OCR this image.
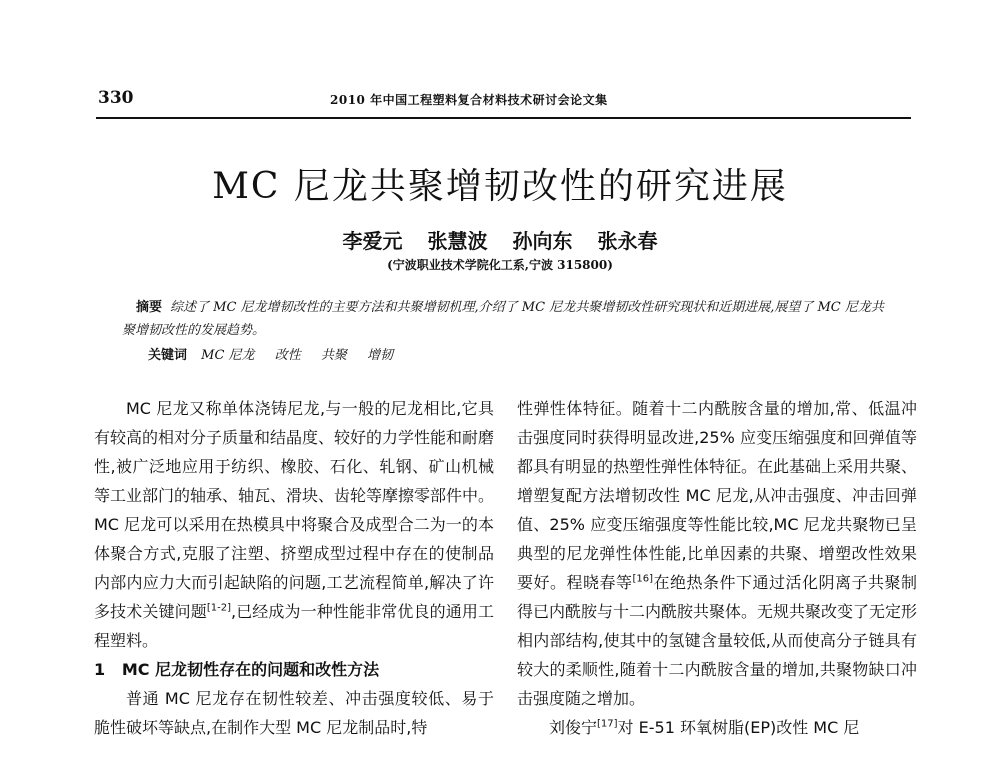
330	2010 年中国工程塑料复合材料技术研讨会论文集
MC 尼龙共聚增韧改性的研究进展
李爱元 张慧波 孙向东 张永春
(宁波职业技术学院化工系,宁波 315800)
摘要 综述了 MC 尼龙增韧改性的主要方法和共聚增韧机理,介绍了 MC 尼龙共聚增韧改性研究现状和近期进展,展望了 MC 尼龙共聚增韧改性的发展趋势。
关键词 MC 尼龙 改性 共聚 增韧

MC 尼龙又称单体浇铸尼龙,与一般的尼龙相比,它具有较高的相对分子质量和结晶度、较好的力学性能和耐磨性,被广泛地应用于纺织、橡胶、石化、轧钢、矿山机械等工业部门的轴承、轴瓦、滑块、齿轮等摩擦零部件中。MC 尼龙可以采用在热模具中将聚合及成型合二为一的本体聚合方式,克服了注塑、挤塑成型过程中存在的使制品内部内应力大而引起缺陷的问题,工艺流程简单,解决了许多技术关键问题[1-2],已经成为一种性能非常优良的通用工程塑料。

1 MC 尼龙韧性存在的问题和改性方法

普通 MC 尼龙存在韧性较差、冲击强度较低、易于脆性破坏等缺点,在制作大型 MC 尼龙制品时,特

性弹性体特征。随着十二内酰胺含量的增加,常、低温冲击强度同时获得明显改进,25% 应变压缩强度和回弹值等都具有明显的热塑性弹性体特征。在此基础上采用共聚、增塑复配方法增韧改性 MC 尼龙,从冲击强度、冲击回弹值、25% 应变压缩强度等性能比较,MC 尼龙共聚物已呈典型的尼龙弹性体性能,比单因素的共聚、增塑改性效果要好。程晓春等[16]在绝热条件下通过活化阴离子共聚制得已内酰胺与十二内酰胺共聚体。无规共聚改变了无定形相内部结构,使其中的氢键含量较低,从而使高分子链具有较大的柔顺性,随着十二内酰胺含量的增加,共聚物缺口冲击强度随之增加。

刘俊宁[17]对 E-51 环氧树脂(EP)改性 MC 尼
